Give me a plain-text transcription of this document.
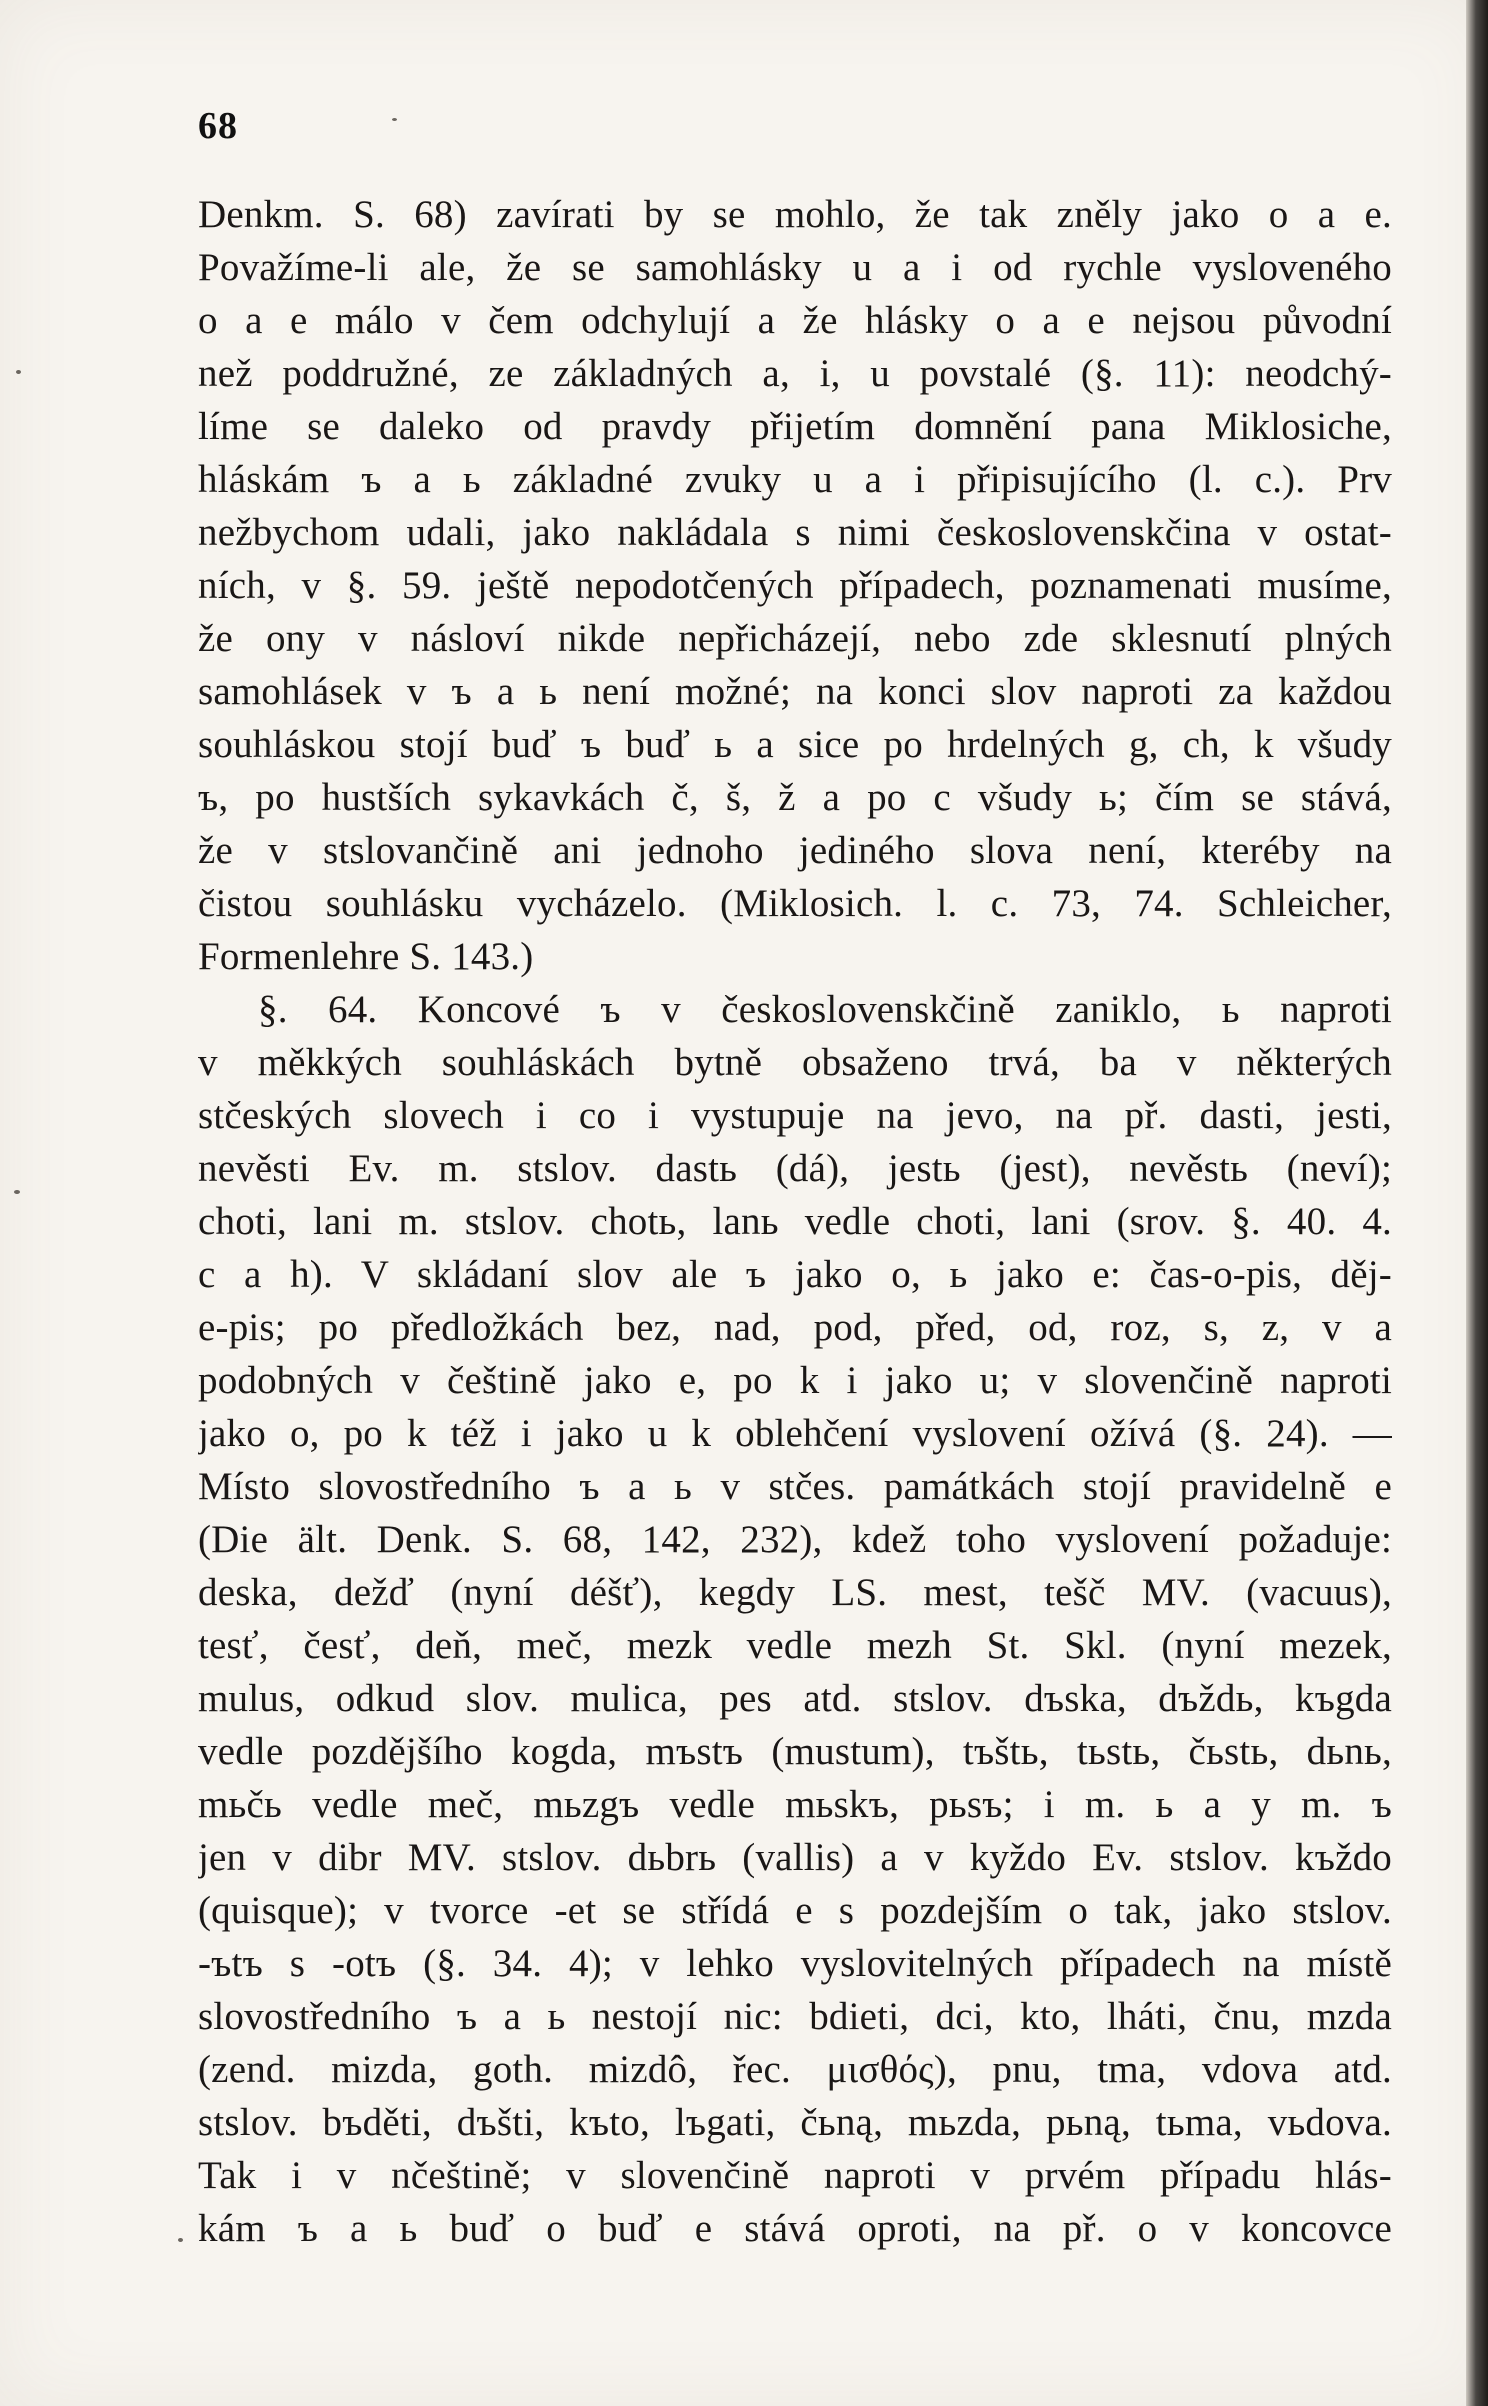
68
Denkm. S. 68) zavírati by se mohlo, že tak zněly jako o a e.
Považíme-li ale, že se samohlásky u a i od rychle vysloveného
o a e málo v čem odchylují a že hlásky o a e nejsou původní
než poddružné, ze základných a, i, u povstalé (§. 11): neodchý-
líme se daleko od pravdy přijetím domnění pana Miklosiche,
hláskám ъ a ь základné zvuky u a i připisujícího (l. c.). Prv
nežbychom udali, jako nakládala s nimi československčina v ostat-
ních, v §. 59. ještě nepodotčených případech, poznamenati musíme,
že ony v násloví nikde nepřicházejí, nebo zde sklesnutí plných
samohlásek v ъ a ь není možné; na konci slov naproti za každou
souhláskou stojí buď ъ buď ь a sice po hrdelných g, ch, k všudy
ъ, po hustších sykavkách č, š, ž a po c všudy ь; čím se stává,
že v stslovančině ani jednoho jediného slova není, kteréby na
čistou souhlásku vycházelo. (Miklosich. l. c. 73, 74. Schleicher,
Formenlehre S. 143.)
§. 64. Koncové ъ v československčině zaniklo, ь naproti
v měkkých souhláskách bytně obsaženo trvá, ba v některých
stčeských slovech i co i vystupuje na jevo, na př. dasti, jesti,
nevěsti Ev. m. stslov. dastь (dá), jestь (jest), nevěstь (neví);
choti, lani m. stslov. chotь, lanь vedle choti, lani (srov. §. 40. 4.
c a h). V skládaní slov ale ъ jako o, ь jako e: čas-o-pis, děj-
e-pis; po předložkách bez, nad, pod, před, od, roz, s, z, v a
podobných v češtině jako e, po k i jako u; v slovenčině naproti
jako o, po k též i jako u k oblehčení vyslovení ožívá (§. 24). —
Místo slovostředního ъ a ь v stčes. památkách stojí pravidelně e
(Die ält. Denk. S. 68, 142, 232), kdež toho vyslovení požaduje:
deska, dežď (nyní déšť), kegdy LS. mest, tešč MV. (vacuus),
tesť, česť, deň, meč, mezk vedle mezh St. Skl. (nyní mezek,
mulus, odkud slov. mulica, pes atd. stslov. dъska, dъždь, kъgda
vedle pozdějšího kogda, mъstъ (mustum), tъštь, tьstь, čьstь, dьnь,
mьčь vedle meč, mьzgъ vedle mьskъ, pьsъ; i m. ь a y m. ъ
jen v dibr MV. stslov. dьbrь (vallis) a v kyždo Ev. stslov. kъždo
(quisque); v tvorce -et se střídá e s pozdejším o tak, jako stslov.
-ъtъ s -otъ (§. 34. 4); v lehko vyslovitelných případech na místě
slovostředního ъ a ь nestojí nic: bdieti, dci, kto, lháti, čnu, mzda
(zend. mizda, goth. mizdô, řec. μισθός), pnu, tma, vdova atd.
stslov. bъděti, dъšti, kъto, lъgati, čьną, mьzda, pьną, tьma, vьdova.
Tak i v nčeštině; v slovenčině naproti v prvém případu hlás-
kám ъ a ь buď o buď e stává oproti, na př. o v koncovce
